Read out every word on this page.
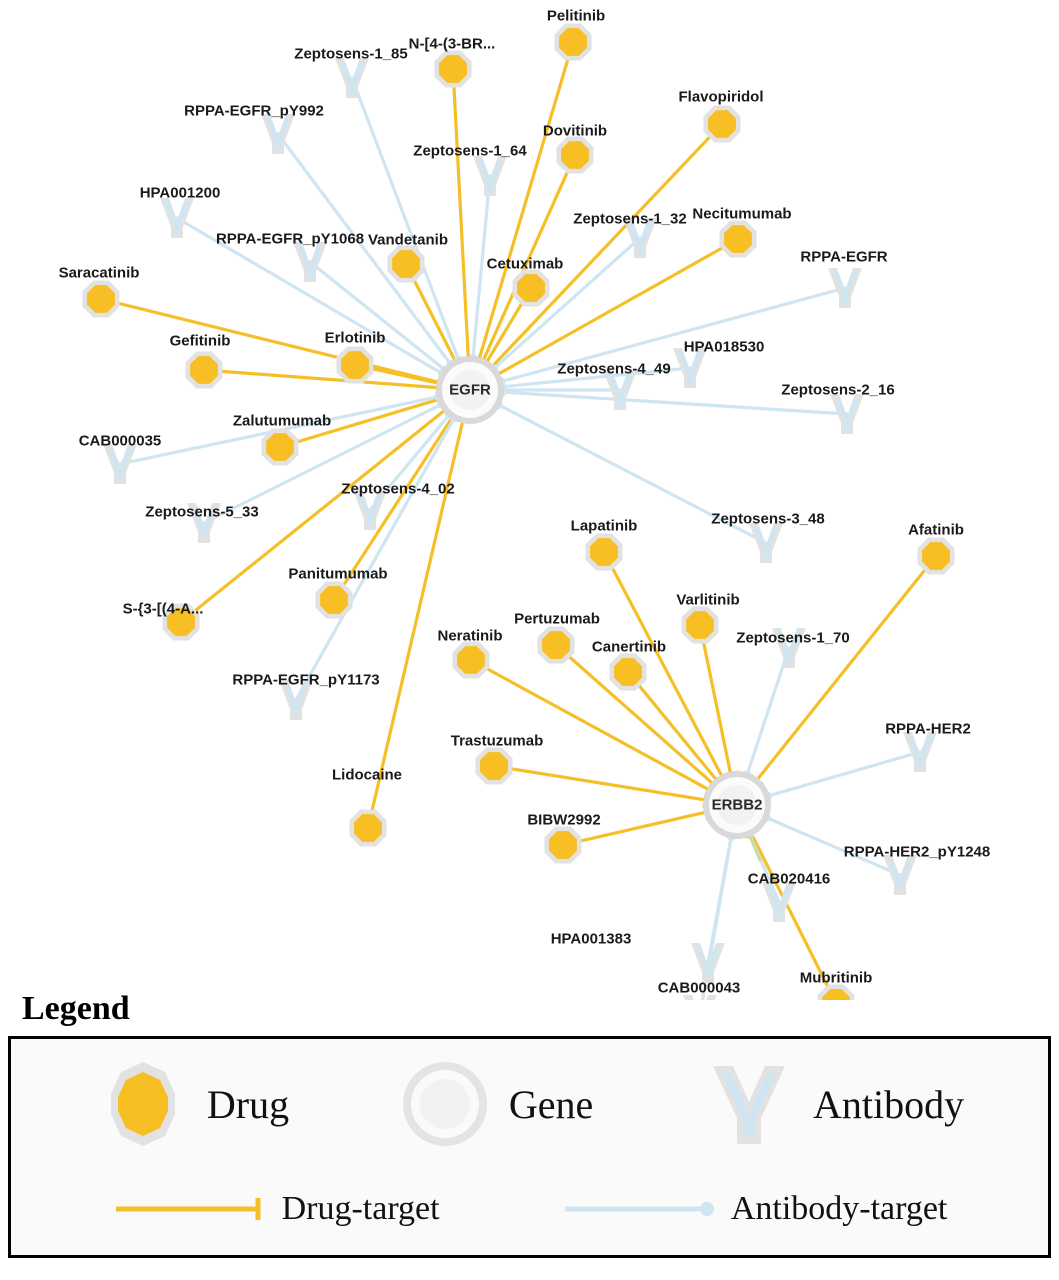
Pelitinib
N-[4-(3-BR...
Flavopiridol
Dovitinib
Necitumumab
Vandetanib
Cetuximab
Saracatinib
Gefitinib	Erlotinib
Zalutumumab
Afatinib
Lapatinib
Varlitinib
Panitumumab
S-{3-[(4-A...
Pertuzumab
Neratinib
Canertinib
Trastuzumab
Lidocaine
BIBW2992
Mubritinib
Zeptosens-1_85
RPPA-EGFR_pY992
Zeptosens-1_64
HPA001200
Zeptosens-1_32
RPPA-EGFR_pY1068
RPPA-EGFR
HPA018530
Zeptosens-4_49
Zeptosens-2_16
CAB000035
Zeptosens-5_33
Zeptosens-4_02
Zeptosens-3_48
Zeptosens-1_70
RPPA-EGFR_pY1173
RPPA-HER2
RPPA-HER2_pY1248
CAB020416
HPA001383
CAB000043
EGFR
ERBB2
Legend
Drug	Gene	Antibody
Drug-target	Antibody-target
